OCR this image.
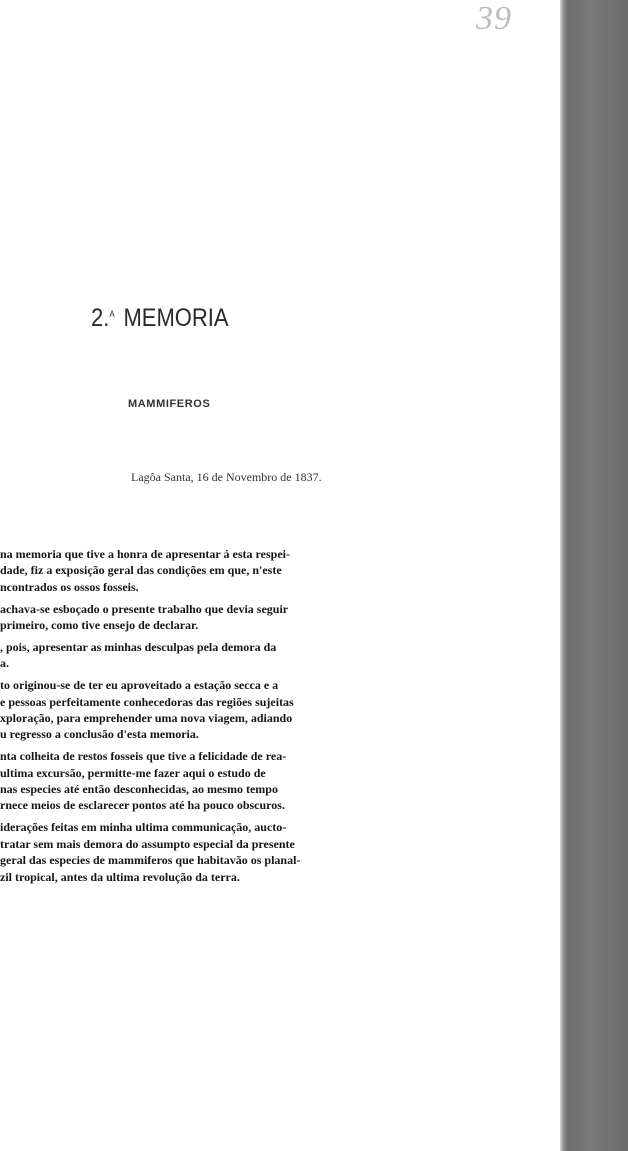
39
2.$^A$ MEMORIA
MAMMIFEROS
Lagôa Santa, 16 de Novembro de 1837.

na memoria que tive a honra de apresentar á esta respei-
dade, fiz a exposição geral das condições em que, n'este
ncontrados os ossos fosseis.

achava-se esboçado o presente trabalho que devia seguir
primeiro, como tive ensejo de declarar.

, pois, apresentar as minhas desculpas pela demora da
a.

to originou-se de ter eu aproveitado a estação secca e a
e pessoas perfeitamente conhecedoras das regiões sujeitas
xploração, para emprehender uma nova viagem, adiando
u regresso a conclusão d'esta memoria.

nta colheita de restos fosseis que tive a felicidade de rea-
ultima excursão, permitte-me fazer aqui o estudo de
nas especies até então desconhecidas, ao mesmo tempo
rnece meios de esclarecer pontos até ha pouco obscuros.

iderações feitas em minha ultima communicação, aucto-
tratar sem mais demora do assumpto especial da presente
geral das especies de mammiferos que habitavão os planal-
zil tropical, antes da ultima revolução da terra.
